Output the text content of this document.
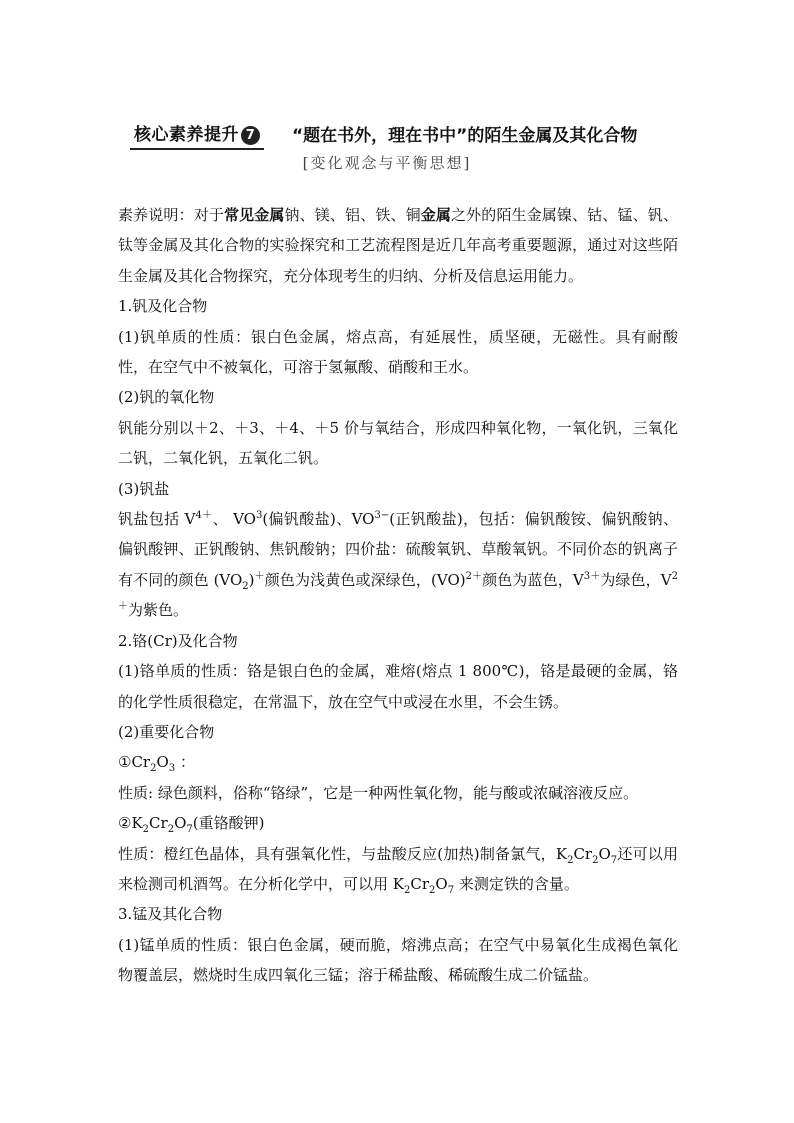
核心素养提升 7	“题在书外，理在书中”的陌生金属及其化合物
[变化观念与平衡思想]

素养说明：对于常见金属钠、镁、铝、铁、铜金属之外的陌生金属镍、钴、锰、钒、钛等金属及其化合物的实验探究和工艺流程图是近几年高考重要题源，通过对这些陌生金属及其化合物探究，充分体现考生的归纳、分析及信息运用能力。

1.钒及化合物

(1)钒单质的性质：银白色金属，熔点高，有延展性，质坚硬，无磁性。具有耐酸性，在空气中不被氧化，可溶于氢氟酸、硝酸和王水。

(2)钒的氧化物

钒能分别以＋2、＋3、＋4、＋5 价与氧结合，形成四种氧化物，一氧化钒，三氧化二钒，二氧化钒，五氧化二钒。

(3)钒盐

钒盐包括 $V^{4+}$、 $VO^3$(偏钒酸盐)、$VO^{3-}$(正钒酸盐)，包括：偏钒酸铵、偏钒酸钠、偏钒酸钾、正钒酸钠、焦钒酸钠；四价盐：硫酸氧钒、草酸氧钒。不同价态的钒离子有不同的颜色 $(VO_2)^+$颜色为浅黄色或深绿色，(VO)$^{2+}$颜色为蓝色，$V^{3+}$为绿色，$V^{2+}$为紫色。

2.铬(Cr)及化合物

(1)铬单质的性质：铬是银白色的金属，难熔(熔点 1 800℃)，铬是最硬的金属，铬的化学性质很稳定，在常温下，放在空气中或浸在水里，不会生锈。

(2)重要化合物

$①Cr_2O_3$ ：

性质: 绿色颜料，俗称“铬绿”，它是一种两性氧化物，能与酸或浓碱溶液反应。

$②K_2Cr_2O_7$(重铬酸钾)

性质：橙红色晶体，具有强氧化性，与盐酸反应(加热)制备氯气，$K_2Cr_2O_7$还可以用来检测司机酒驾。在分析化学中，可以用 $K_2Cr_2O_7$ 来测定铁的含量。

3.锰及其化合物

(1)锰单质的性质：银白色金属，硬而脆，熔沸点高；在空气中易氧化生成褐色氧化物覆盖层，燃烧时生成四氧化三锰；溶于稀盐酸、稀硫酸生成二价锰盐。
